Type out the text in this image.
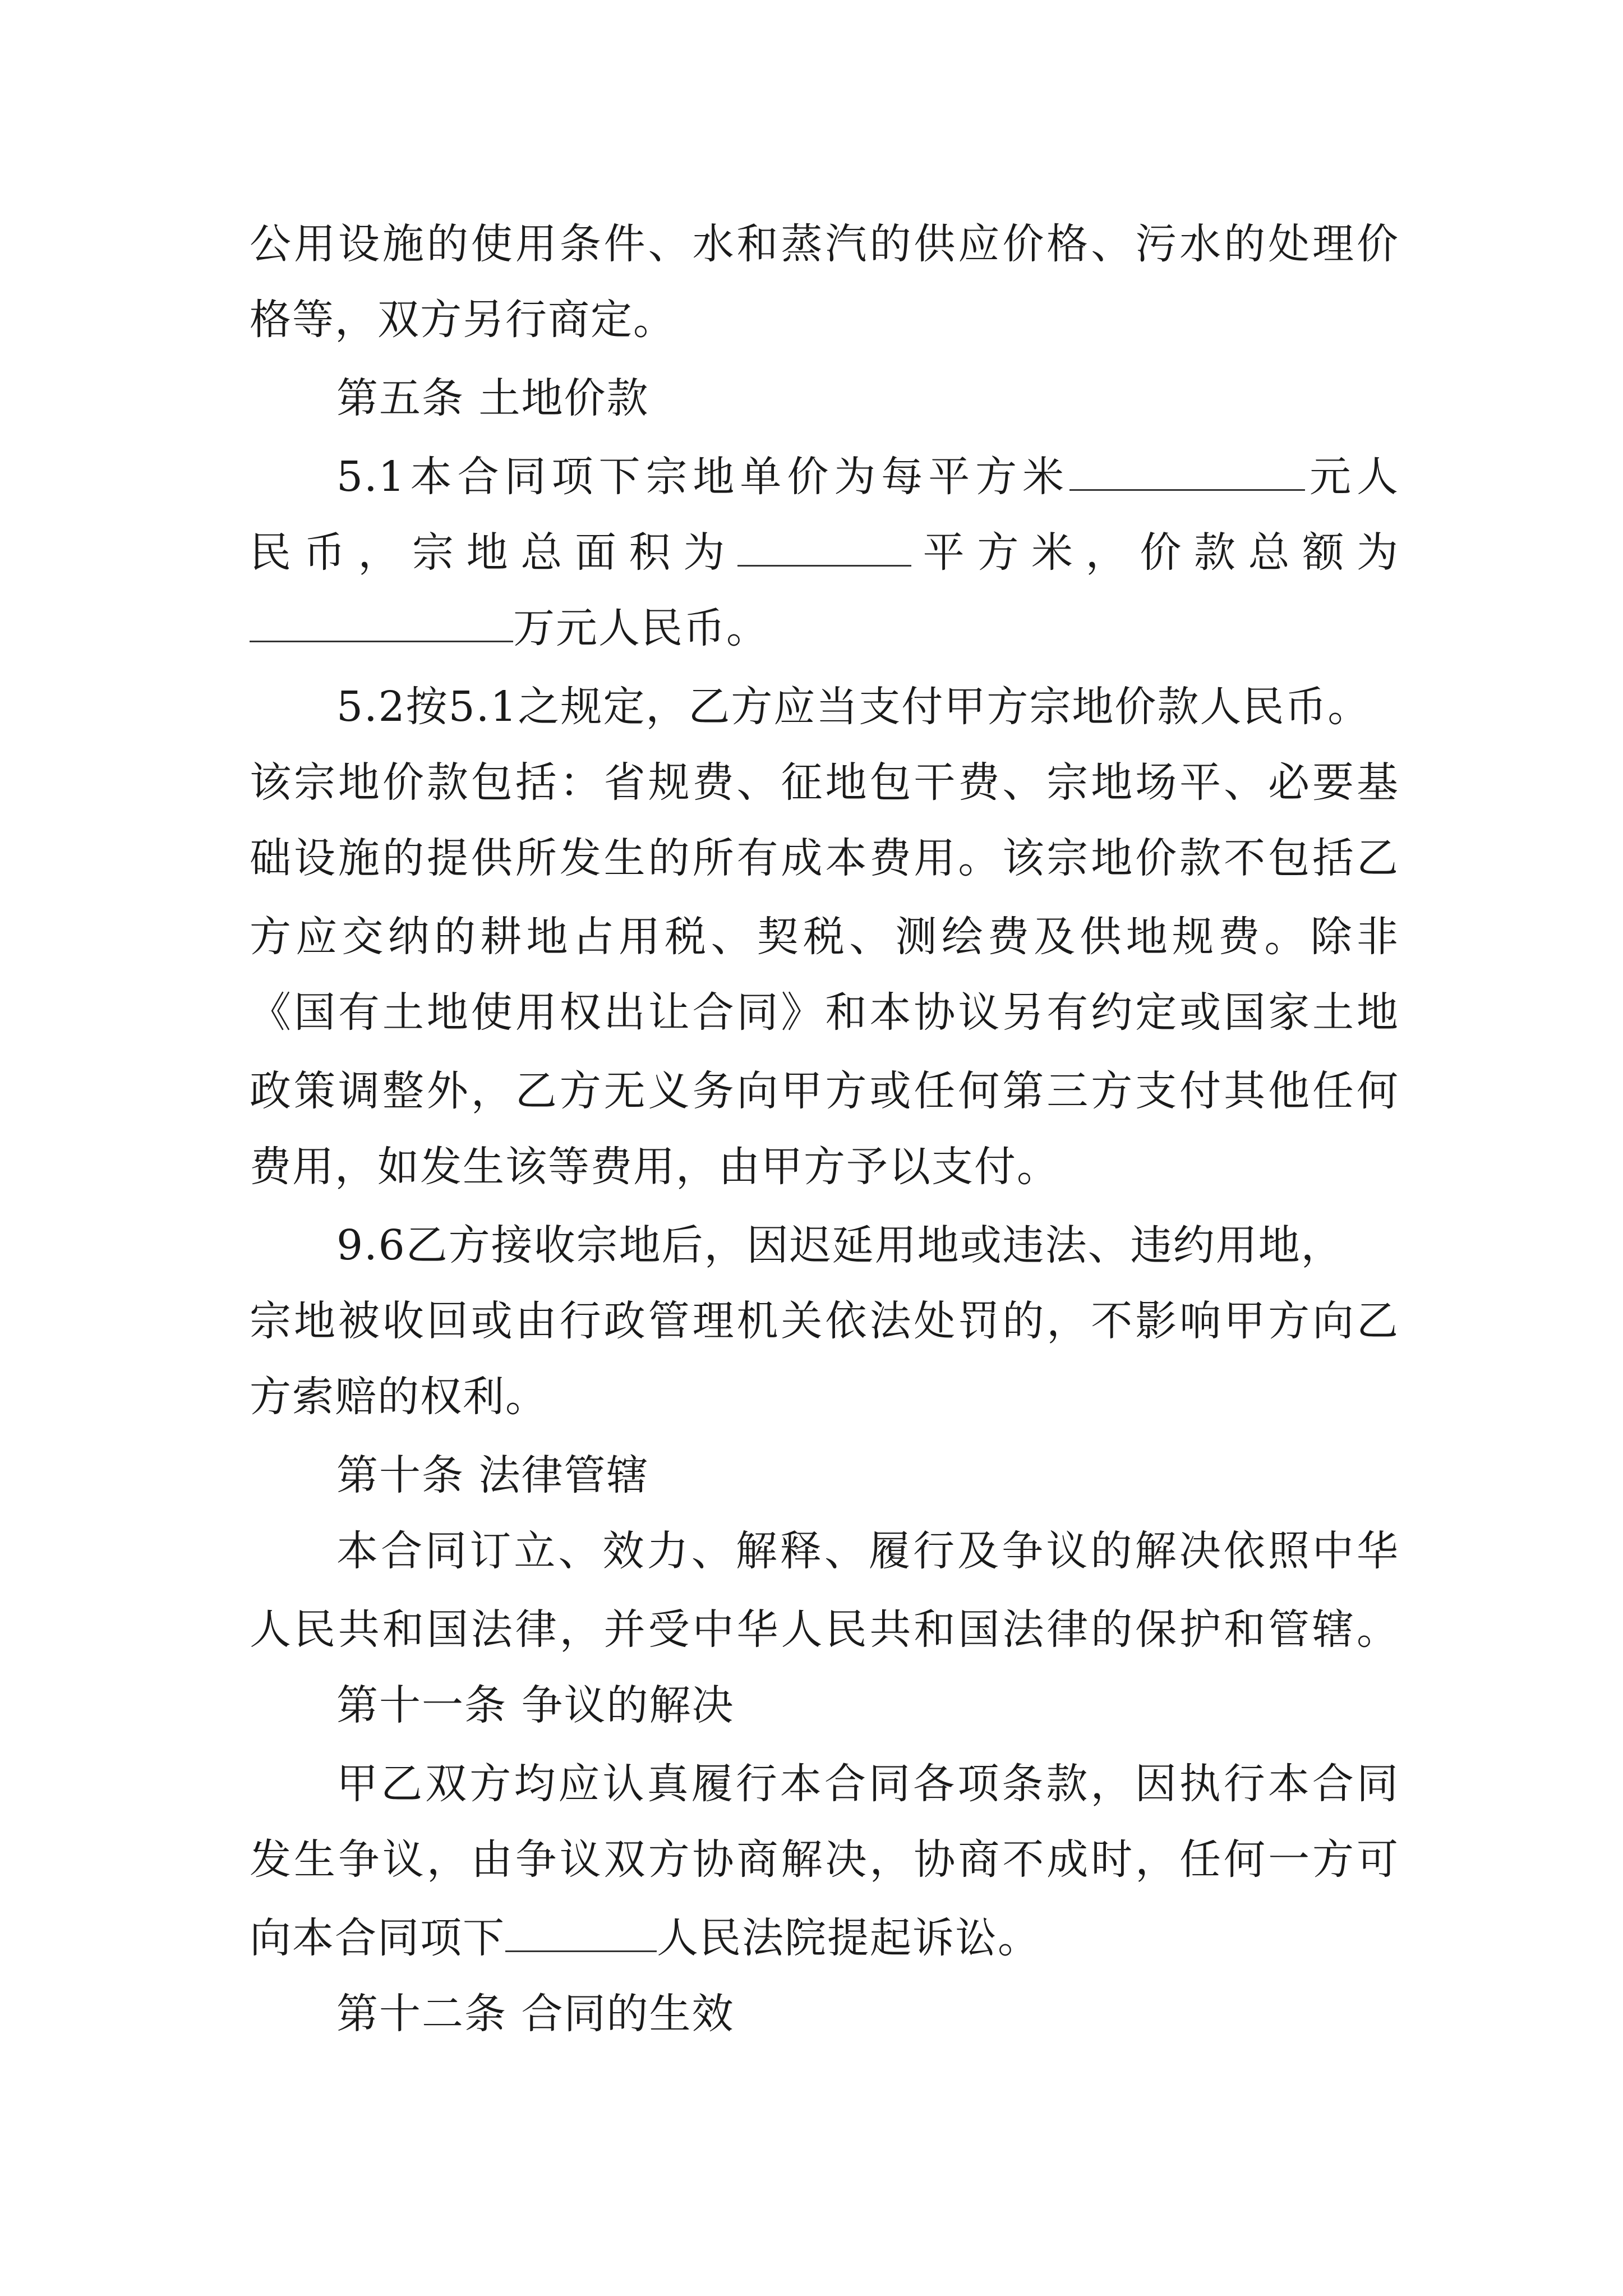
公用设施的使用条件、水和蒸汽的供应价格、污水的处理价
格等，双方另行商定。
第五条 土地价款
5.1本合同项下宗地单价为每平方米	元人
民币，宗地总面积为	平方米，价款总额为
万元人民币。
5.2按5.1之规定，乙方应当支付甲方宗地价款人民币。
该宗地价款包括：省规费、征地包干费、宗地场平、必要基
础设施的提供所发生的所有成本费用。该宗地价款不包括乙
方应交纳的耕地占用税、契税、测绘费及供地规费。除非
《国有土地使用权出让合同》和本协议另有约定或国家土地
政策调整外，乙方无义务向甲方或任何第三方支付其他任何
费用，如发生该等费用，由甲方予以支付。
9.6乙方接收宗地后，因迟延用地或违法、违约用地，
宗地被收回或由行政管理机关依法处罚的，不影响甲方向乙
方索赔的权利。
第十条 法律管辖
本合同订立、效力、解释、履行及争议的解决依照中华
人民共和国法律，并受中华人民共和国法律的保护和管辖。
第十一条 争议的解决
甲乙双方均应认真履行本合同各项条款，因执行本合同
发生争议，由争议双方协商解决，协商不成时，任何一方可
向本合同项下	人民法院提起诉讼。
第十二条 合同的生效
